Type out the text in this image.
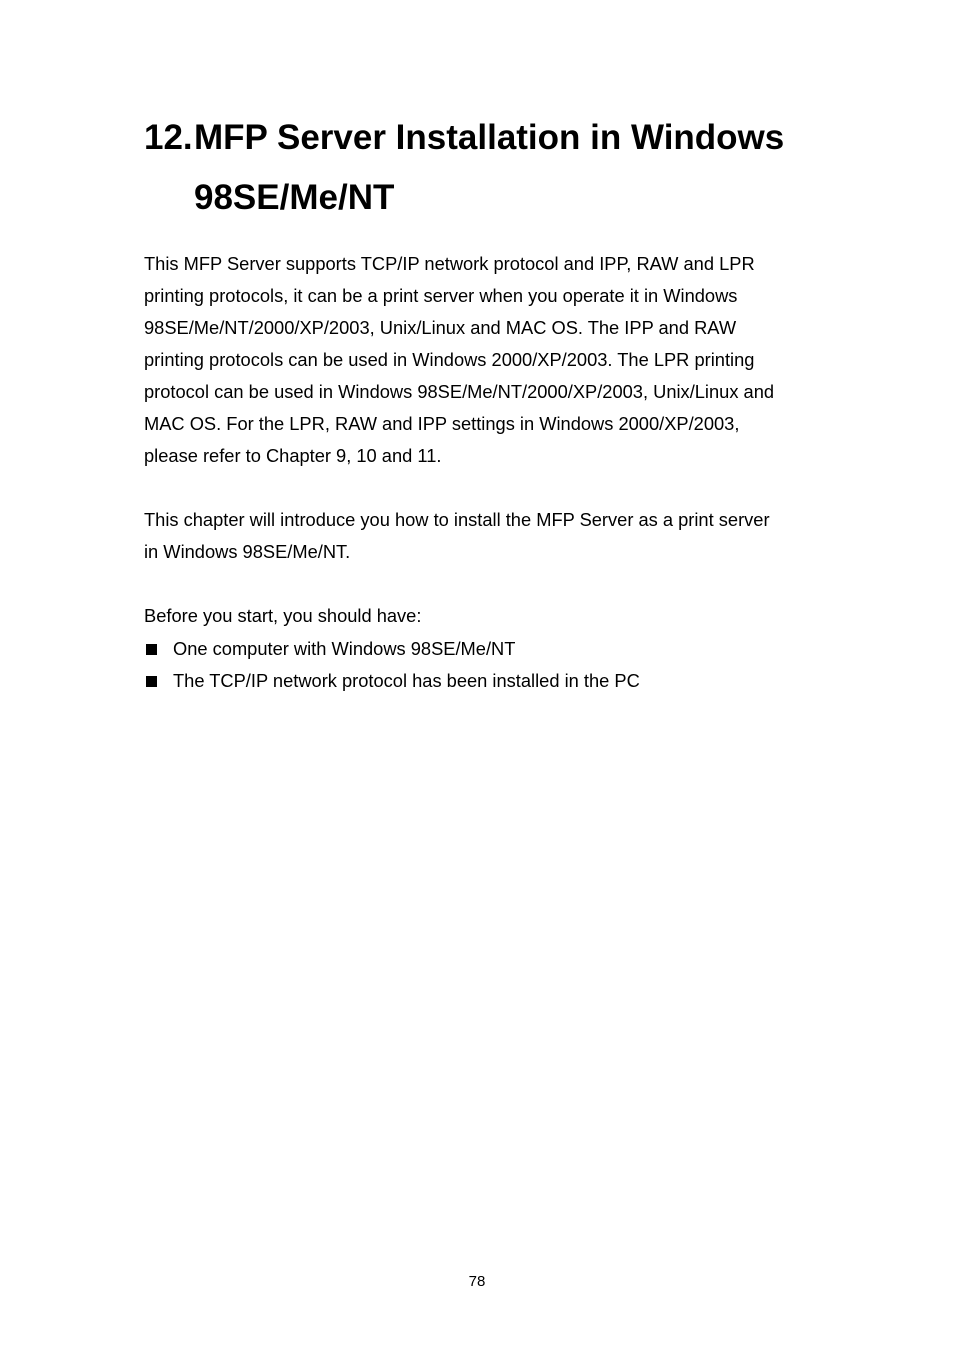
12.MFP Server Installation in Windows
98SE/Me/NT
This MFP Server supports TCP/IP network protocol and IPP, RAW and LPR
printing protocols, it can be a print server when you operate it in Windows
98SE/Me/NT/2000/XP/2003, Unix/Linux and MAC OS. The IPP and RAW
printing protocols can be used in Windows 2000/XP/2003. The LPR printing
protocol can be used in Windows 98SE/Me/NT/2000/XP/2003, Unix/Linux and
MAC OS. For the LPR, RAW and IPP settings in Windows 2000/XP/2003,
please refer to Chapter 9, 10 and 11.
This chapter will introduce you how to install the MFP Server as a print server
in Windows 98SE/Me/NT.
Before you start, you should have:
One computer with Windows 98SE/Me/NT
The TCP/IP network protocol has been installed in the PC
78
